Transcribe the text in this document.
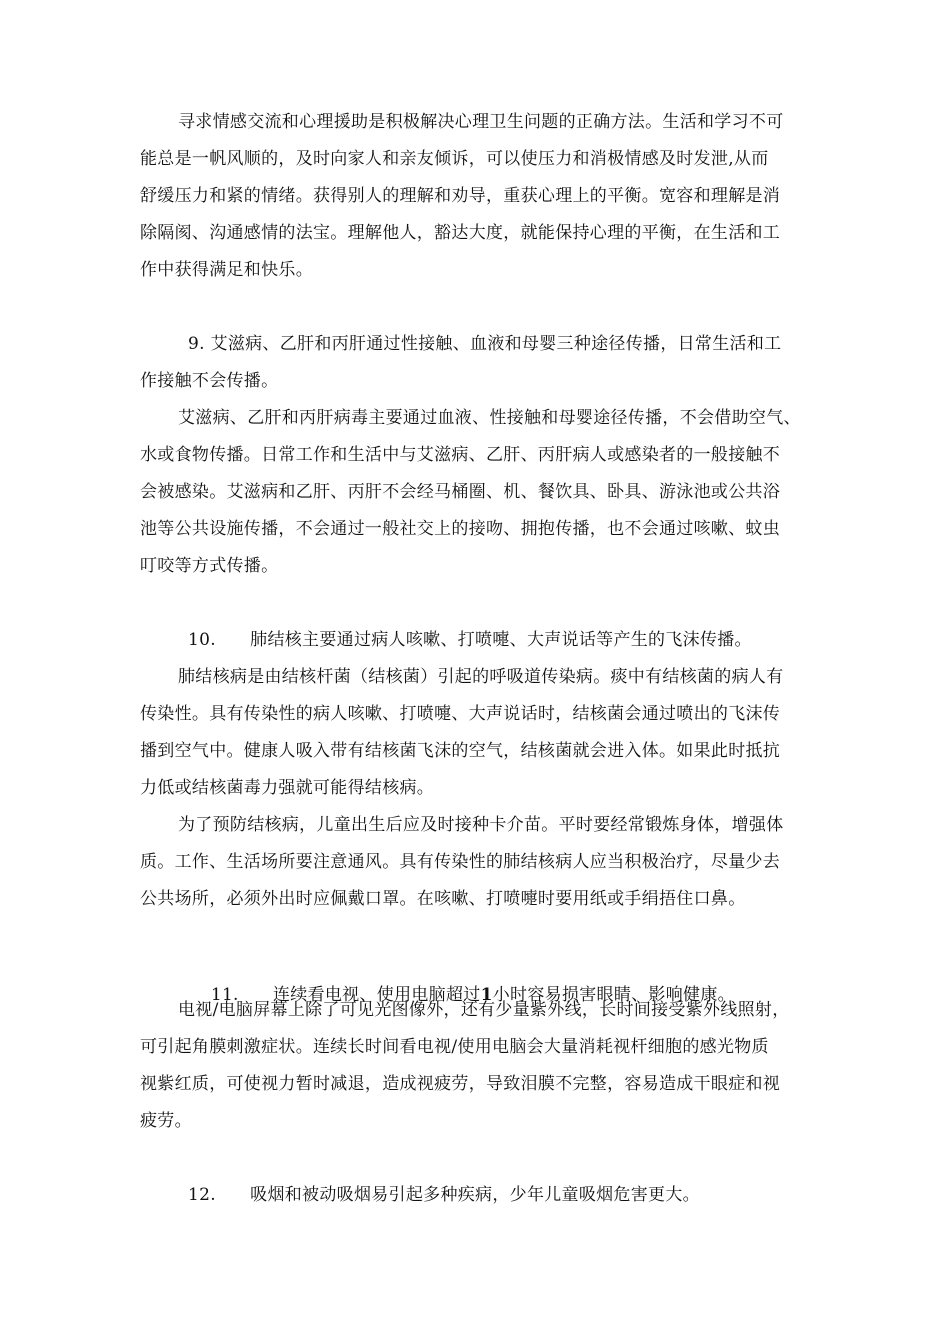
寻求情感交流和心理援助是积极解决心理卫生问题的正确方法。生活和学习不可
能总是一帆风顺的，及时向家人和亲友倾诉，可以使压力和消极情感及时发泄,从而
舒缓压力和紧的情绪。获得别人的理解和劝导，重获心理上的平衡。宽容和理解是消
除隔阂、沟通感情的法宝。理解他人，豁达大度，就能保持心理的平衡，在生活和工
作中获得满足和快乐。
9. 艾滋病、乙肝和丙肝通过性接触、血液和母婴三种途径传播，日常生活和工
作接触不会传播。
艾滋病、乙肝和丙肝病毒主要通过血液、性接触和母婴途径传播，不会借助空气、
水或食物传播。日常工作和生活中与艾滋病、乙肝、丙肝病人或感染者的一般接触不
会被感染。艾滋病和乙肝、丙肝不会经马桶圈、机、餐饮具、卧具、游泳池或公共浴
池等公共设施传播，不会通过一般社交上的接吻、拥抱传播，也不会通过咳嗽、蚊虫
叮咬等方式传播。
10.      肺结核主要通过病人咳嗽、打喷嚏、大声说话等产生的飞沫传播。
肺结核病是由结核杆菌（结核菌）引起的呼吸道传染病。痰中有结核菌的病人有
传染性。具有传染性的病人咳嗽、打喷嚏、大声说话时，结核菌会通过喷出的飞沫传
播到空气中。健康人吸入带有结核菌飞沫的空气，结核菌就会进入体。如果此时抵抗
力低或结核菌毒力强就可能得结核病。
为了预防结核病，儿童出生后应及时接种卡介苗。平时要经常锻炼身体，增强体
质。工作、生活场所要注意通风。具有传染性的肺结核病人应当积极治疗，尽量少去
公共场所，必须外出时应佩戴口罩。在咳嗽、打喷嚏时要用纸或手绢捂住口鼻。

11.      连续看电视、使用电脑超过1小时容易损害眼睛、影响健康。

电视/电脑屏幕上除了可见光图像外，还有少量紫外线，长时间接受紫外线照射，
可引起角膜刺激症状。连续长时间看电视/使用电脑会大量消耗视杆细胞的感光物质
视紫红质，可使视力暂时减退，造成视疲劳，导致泪膜不完整，容易造成干眼症和视
疲劳。
12.      吸烟和被动吸烟易引起多种疾病，少年儿童吸烟危害更大。
